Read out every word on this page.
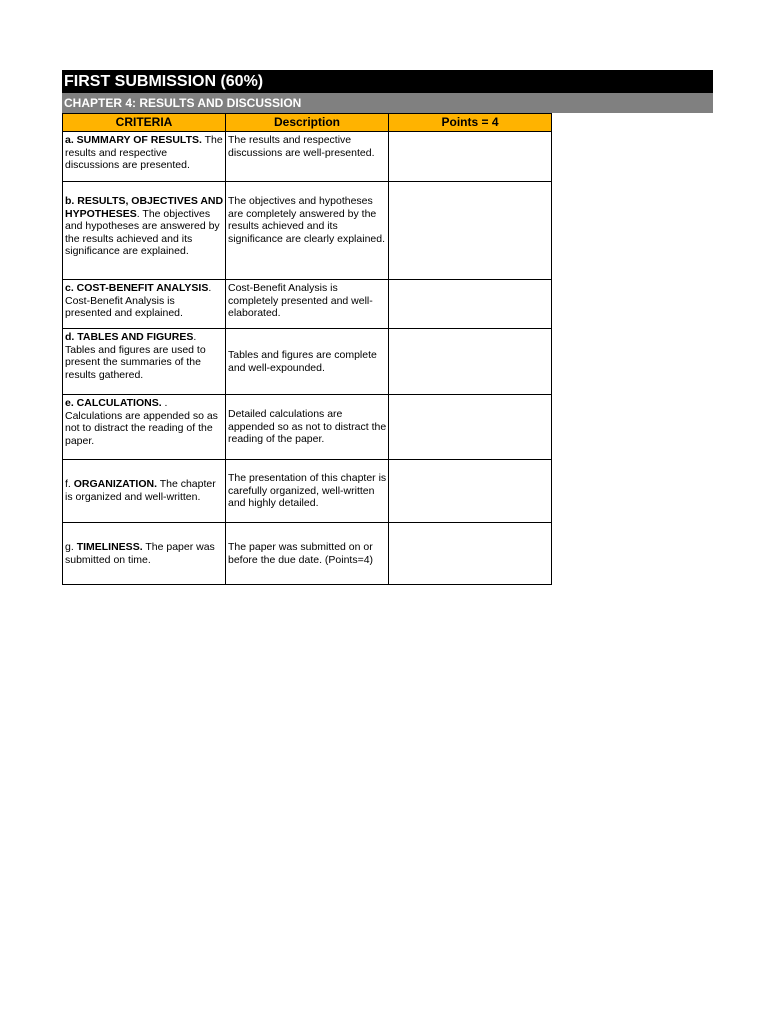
FIRST SUBMISSION (60%)
CHAPTER 4: RESULTS AND DISCUSSION
CRITERIA	Description	Points = 4
a. SUMMARY OF RESULTS. The results and respective discussions are presented.	The results and respective discussions are well-presented.	

b. RESULTS, OBJECTIVES AND HYPOTHESES. The objectives and hypotheses are answered by the results achieved and its significance are explained.	The objectives and hypotheses are completely answered by the results achieved and its significance are clearly explained.	
c. COST-BENEFIT ANALYSIS. Cost-Benefit Analysis is presented and explained.	Cost-Benefit Analysis is completely presented and well-elaborated.	
d. TABLES AND FIGURES. Tables and figures are used to present the summaries of the results gathered.	Tables and figures are complete and well-expounded.	
e. CALCULATIONS. . Calculations are appended so as not to distract the reading of the paper.	Detailed calculations are appended so as not to distract the reading of the paper.	
f. ORGANIZATION. The chapter is organized and well-written.	The presentation of this chapter is carefully organized, well-written and highly detailed.	
g. TIMELINESS. The paper was submitted on time.	The paper was submitted on or before the due date. (Points=4)	
